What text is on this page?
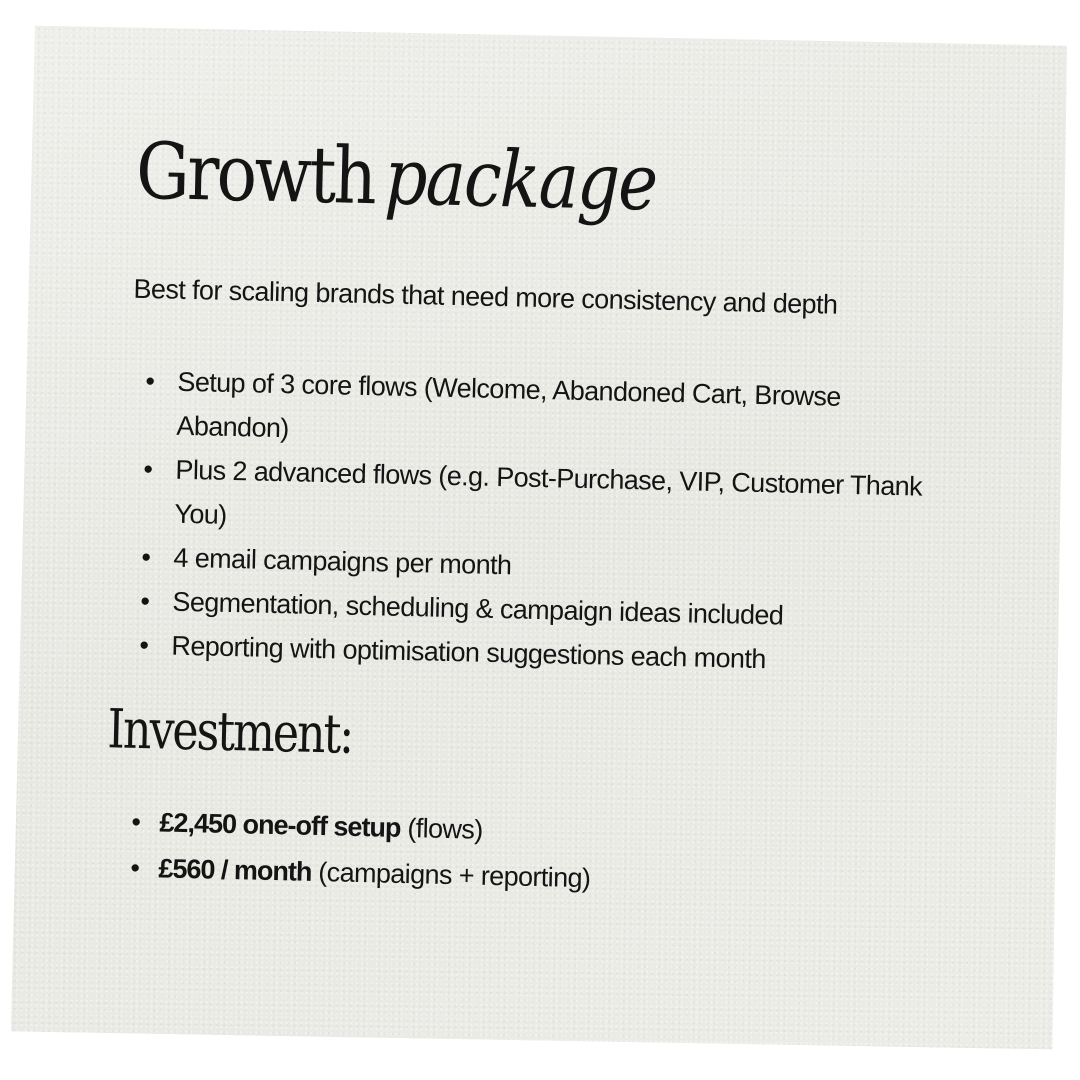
Growth package

Best for scaling brands that need more consistency and depth

• Setup of 3 core flows (Welcome, Abandoned Cart, Browse Abandon)
• Plus 2 advanced flows (e.g. Post-Purchase, VIP, Customer Thank You)
• 4 email campaigns per month
• Segmentation, scheduling & campaign ideas included
• Reporting with optimisation suggestions each month
Investment:
• £2,450 one-off setup (flows)
• £560 / month (campaigns + reporting)
